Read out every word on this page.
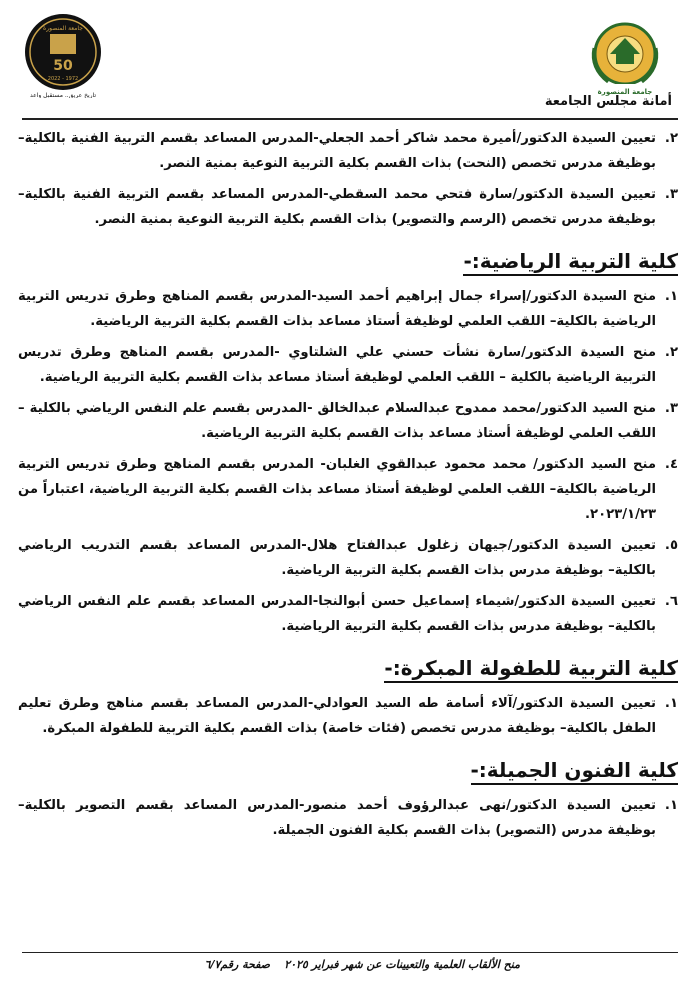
جامعة المنصورة
جامعة المنصورة
50
1972 - 2022
تاريخ عريق.. مستقبل واعد	أمانة مجلس الجامعة
٢.
تعيين السيدة الدكتور/أميرة محمد شاكر أحمد الجعلي-المدرس المساعد بقسم التربية الفنية بالكلية– بوظيفة مدرس تخصص (النحت) بذات القسم بكلية التربية النوعية بمنية النصر.
٣.
تعيين السيدة الدكتور/سارة فتحي محمد السقطي-المدرس المساعد بقسم التربية الفنية بالكلية– بوظيفة مدرس تخصص (الرسم والتصوير) بذات القسم بكلية التربية النوعية بمنية النصر.
كلية التربية الرياضية:-
١.
منح السيدة الدكتور/إسراء جمال إبراهيم أحمد السيد-المدرس بقسم المناهج وطرق تدريس التربية الرياضية بالكلية– اللقب العلمي لوظيفة أستاذ مساعد بذات القسم بكلية التربية الرياضية.
٢.
منح السيدة الدكتور/سارة نشأت حسني علي الشلتاوي -المدرس بقسم المناهج وطرق تدريس التربية الرياضية بالكلية – اللقب العلمي لوظيفة أستاذ مساعد بذات القسم بكلية التربية الرياضية.
٣.
منح السيد الدكتور/محمد ممدوح عبدالسلام عبدالخالق -المدرس بقسم علم النفس الرياضي بالكلية – اللقب العلمي لوظيفة أستاذ مساعد بذات القسم بكلية التربية الرياضية.
٤.
منح السيد الدكتور/ محمد محمود عبدالقوي الغلبان- المدرس بقسم المناهج وطرق تدريس التربية الرياضية بالكلية– اللقب العلمي لوظيفة أستاذ مساعد بذات القسم بكلية التربية الرياضية، اعتباراً من ٢٠٢٣/١/٢٣.
٥.
تعيين السيدة الدكتور/جيهان زغلول عبدالفتاح هلال-المدرس المساعد بقسم التدريب الرياضي بالكلية– بوظيفة مدرس بذات القسم بكلية التربية الرياضية.
٦.
تعيين السيدة الدكتور/شيماء إسماعيل حسن أبوالنجا-المدرس المساعد بقسم علم النفس الرياضي بالكلية– بوظيفة مدرس بذات القسم بكلية التربية الرياضية.
كلية التربية للطفولة المبكرة:-
١.
تعيين السيدة الدكتور/آلاء أسامة طه السيد العوادلي-المدرس المساعد بقسم مناهج وطرق تعليم الطفل بالكلية– بوظيفة مدرس تخصص (فئات خاصة) بذات القسم بكلية التربية للطفولة المبكرة.
كلية الفنون الجميلة:-
١.
تعيين السيدة الدكتور/نهى عبدالرؤوف أحمد منصور-المدرس المساعد بقسم التصوير بالكلية– بوظيفة مدرس (التصوير) بذات القسم بكلية الفنون الجميلة.
منح الألقاب العلمية والتعيينات عن شهر فبراير ٢٠٢٥
صفحة رقم٦/٧
